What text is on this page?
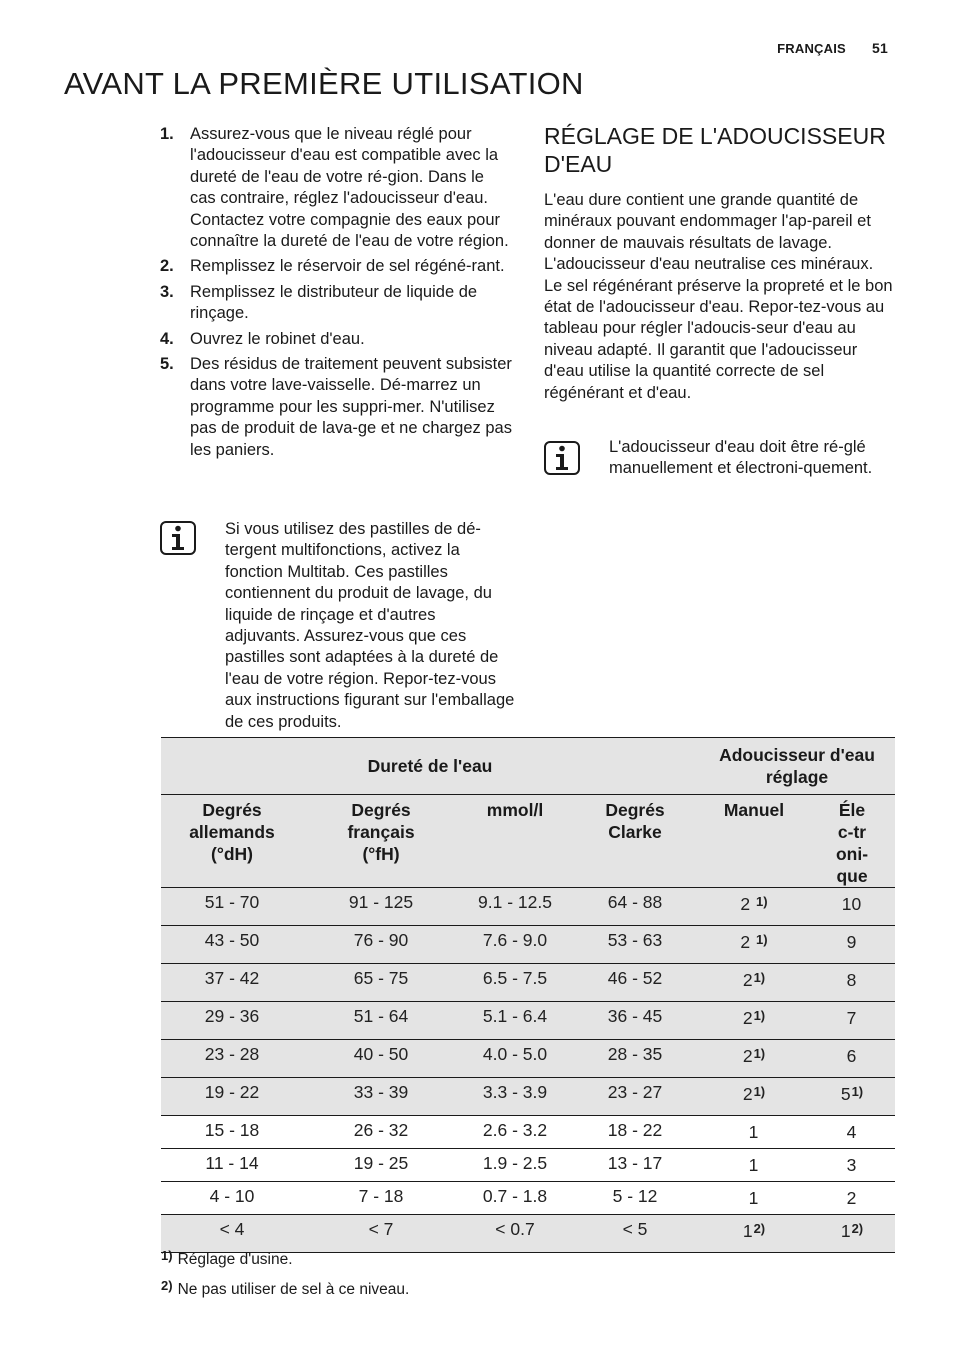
FRANÇAIS 51
AVANT LA PREMIÈRE UTILISATION
1. Assurez-vous que le niveau réglé pour l'adoucisseur d'eau est compatible avec la dureté de l'eau de votre ré-gion. Dans le cas contraire, réglez l'adoucisseur d'eau. Contactez votre compagnie des eaux pour connaître la dureté de l'eau de votre région.
2. Remplissez le réservoir de sel régéné-rant.
3. Remplissez le distributeur de liquide de rinçage.
4. Ouvrez le robinet d'eau.
5. Des résidus de traitement peuvent subsister dans votre lave-vaisselle. Dé-marrez un programme pour les suppri-mer. N'utilisez pas de produit de lava-ge et ne chargez pas les paniers.
Si vous utilisez des pastilles de dé-tergent multifonctions, activez la fonction Multitab. Ces pastilles contiennent du produit de lavage, du liquide de rinçage et d'autres adjuvants. Assurez-vous que ces pastilles sont adaptées à la dureté de l'eau de votre région. Repor-tez-vous aux instructions figurant sur l'emballage de ces produits.
RÉGLAGE DE L'ADOUCISSEUR D'EAU
L'eau dure contient une grande quantité de minéraux pouvant endommager l'ap-pareil et donner de mauvais résultats de lavage. L'adoucisseur d'eau neutralise ces minéraux.
Le sel régénérant préserve la propreté et le bon état de l'adoucisseur d'eau. Repor-tez-vous au tableau pour régler l'adoucis-seur d'eau au niveau adapté. Il garantit que l'adoucisseur d'eau utilise la quantité correcte de sel régénérant et d'eau.
L'adoucisseur d'eau doit être ré-glé manuellement et électroni-quement.
Dureté de l'eau				Adoucisseur d'eau réglage	

Degrés allemands (°dH)	Degrés français (°fH)	mmol/l	Degrés Clarke	Manuel	Élec-troni-que

51 - 70	91 - 125	9.1 - 12.5	64 - 88	2 $^{1)}$	10
43 - 50	76 - 90	7.6 - 9.0	53 - 63	2 $^{1)}$	9
37 - 42	65 - 75	6.5 - 7.5	46 - 52	2$^{1)}$	8
29 - 36	51 - 64	5.1 - 6.4	36 - 45	2$^{1)}$	7
23 - 28	40 - 50	4.0 - 5.0	28 - 35	2$^{1)}$	6
19 - 22	33 - 39	3.3 - 3.9	23 - 27	2$^{1)}$	5$^{1)}$
15 - 18	26 - 32	2.6 - 3.2	18 - 22	1	4
11 - 14	19 - 25	1.9 - 2.5	13 - 17	1	3
4 - 10	7 - 18	0.7 - 1.8	5 - 12	1	2
< 4	< 7	< 0.7	< 5	1$^{2)}$	1$^{2)}$
$^{1)}$ Réglage d'usine.
$^{2)}$ Ne pas utiliser de sel à ce niveau.
